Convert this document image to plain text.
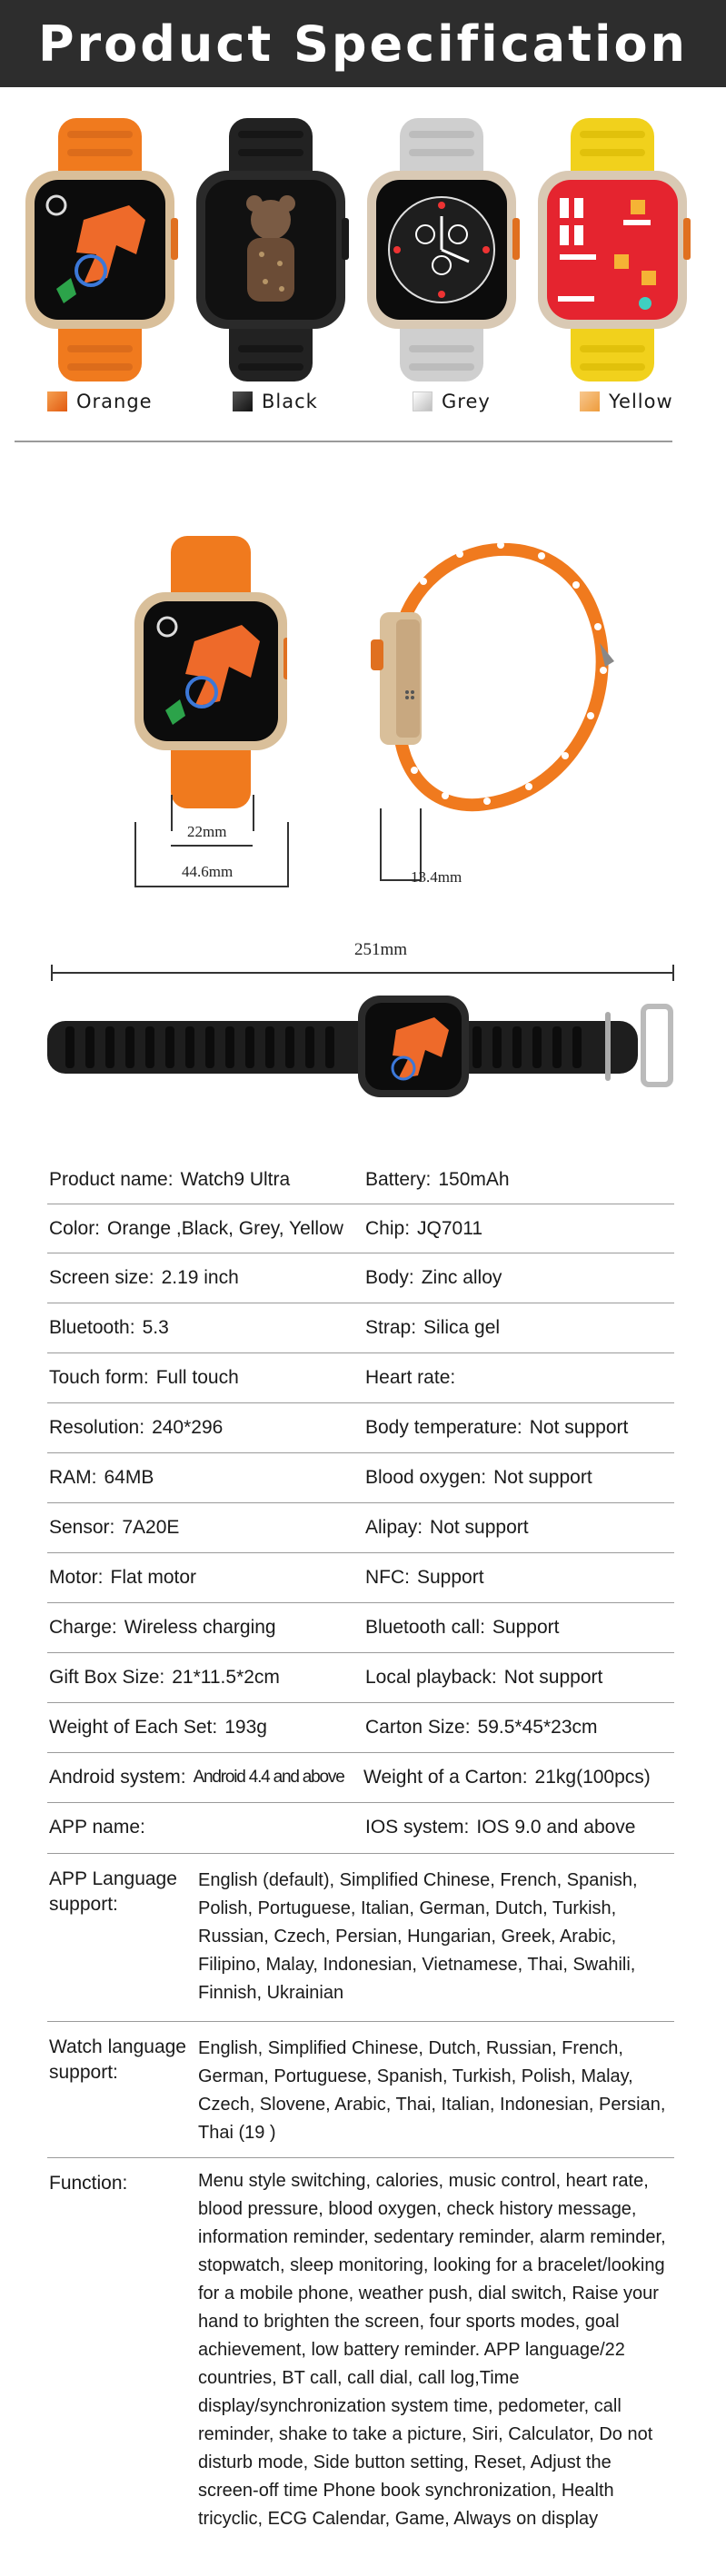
Product Specification
Orange	Black	Grey	Yellow
22mm
44.6mm	13.4mm
251mm
Product name: Watch9 Ultra	Battery: 150mAh
Color: Orange ,Black, Grey, Yellow Chip: JQ7011
Screen size: 2.19 inch	Body: Zinc alloy
Bluetooth: 5.3	Strap: Silica gel
Touch form: Full touch	Heart rate:
Resolution: 240*296	Body temperature: Not support
RAM: 64MB	Blood oxygen: Not support
Sensor: 7A20E	Alipay: Not support
Motor: Flat motor	NFC: Support
Charge: Wireless charging	Bluetooth call: Support
Gift Box Size: 21*11.5*2cm	Local playback: Not support
Weight of Each Set: 193g	Carton Size: 59.5*45*23cm
Android system: Android 4.4 and above Weight of a Carton: 21kg(100pcs)
APP name:	IOS system: IOS 9.0 and above
APP Language support:
English (default), Simplified Chinese, French, Spanish, Polish, Portuguese, Italian, German, Dutch, Turkish, Russian, Czech, Persian, Hungarian, Greek, Arabic, Filipino, Malay, Indonesian, Vietnamese, Thai, Swahili, Finnish, Ukrainian
Watch language support:
English, Simplified Chinese, Dutch, Russian, French, German, Portuguese, Spanish, Turkish, Polish, Malay, Czech, Slovene, Arabic, Thai, Italian, Indonesian, Persian, Thai (19 )
Function:	Menu style switching, calories, music control, heart rate, blood pressure, blood oxygen, check history message, information reminder, sedentary reminder, alarm reminder, stopwatch, sleep monitoring, looking for a bracelet/looking for a mobile phone, weather push, dial switch, Raise your hand to brighten the screen, four sports modes, goal achievement, low battery reminder. APP language/22 countries, BT call, call dial, call log,Time display/synchronization system time, pedometer, call reminder, shake to take a picture, Siri, Calculator, Do not disturb mode, Side button setting, Reset, Adjust the screen-off time Phone book synchronization, Health tricyclic, ECG Calendar, Game, Always on display
